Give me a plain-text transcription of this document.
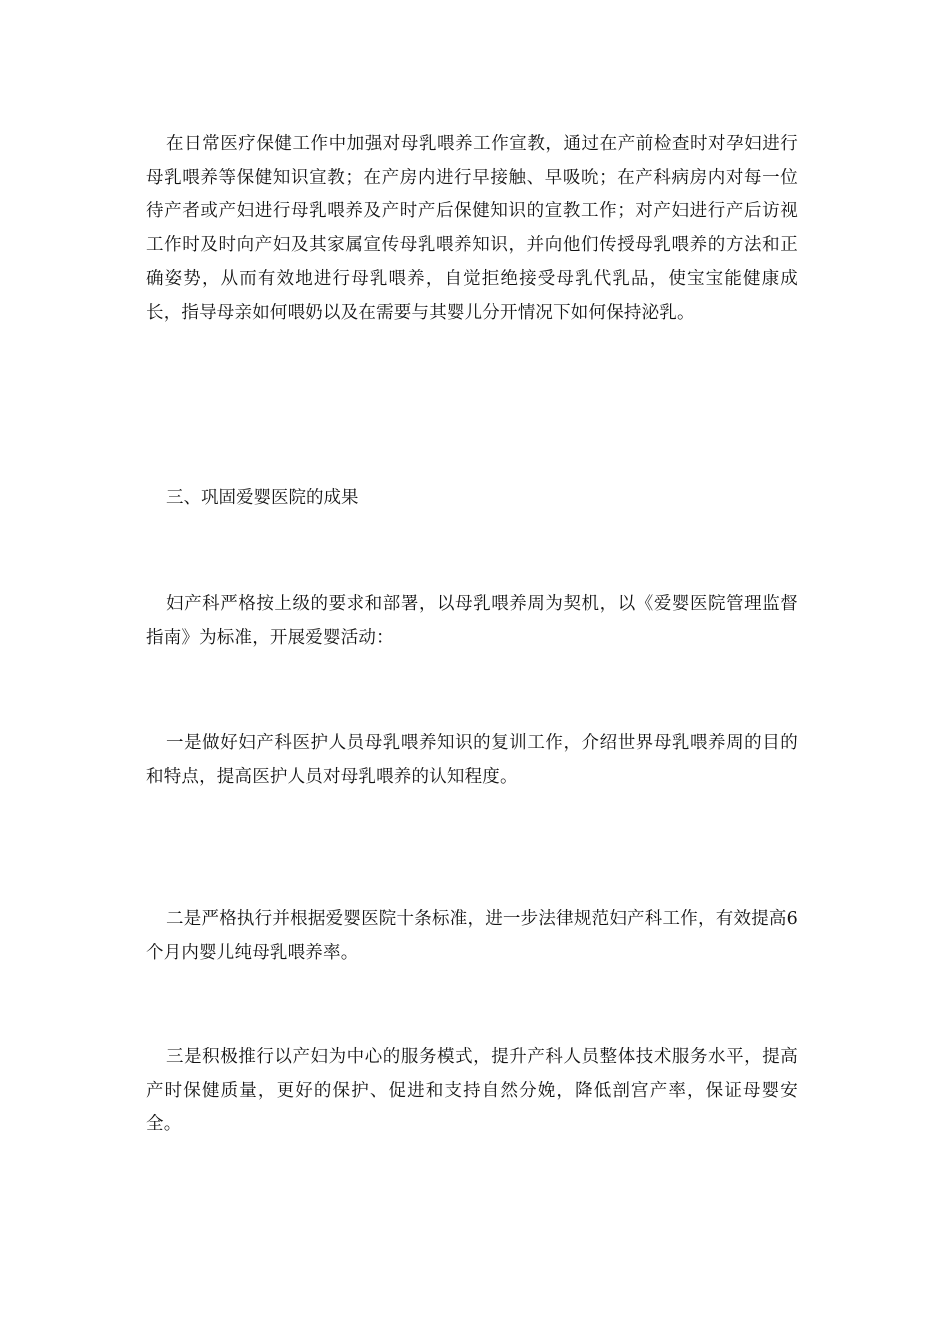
在日常医疗保健工作中加强对母乳喂养工作宣教，通过在产前检查时对孕妇进行母乳喂养等保健知识宣教；在产房内进行早接触、早吸吮；在产科病房内对每一位待产者或产妇进行母乳喂养及产时产后保健知识的宣教工作；对产妇进行产后访视工作时及时向产妇及其家属宣传母乳喂养知识，并向他们传授母乳喂养的方法和正确姿势，从而有效地进行母乳喂养，自觉拒绝接受母乳代乳品，使宝宝能健康成长，指导母亲如何喂奶以及在需要与其婴儿分开情况下如何保持泌乳。

三、巩固爱婴医院的成果

妇产科严格按上级的要求和部署，以母乳喂养周为契机，以《爱婴医院管理监督指南》为标准，开展爱婴活动：

一是做好妇产科医护人员母乳喂养知识的复训工作，介绍世界母乳喂养周的目的和特点，提高医护人员对母乳喂养的认知程度。

二是严格执行并根据爱婴医院十条标准，进一步法律规范妇产科工作，有效提高6个月内婴儿纯母乳喂养率。

三是积极推行以产妇为中心的服务模式，提升产科人员整体技术服务水平，提高产时保健质量，更好的保护、促进和支持自然分娩，降低剖宫产率，保证母婴安全。
